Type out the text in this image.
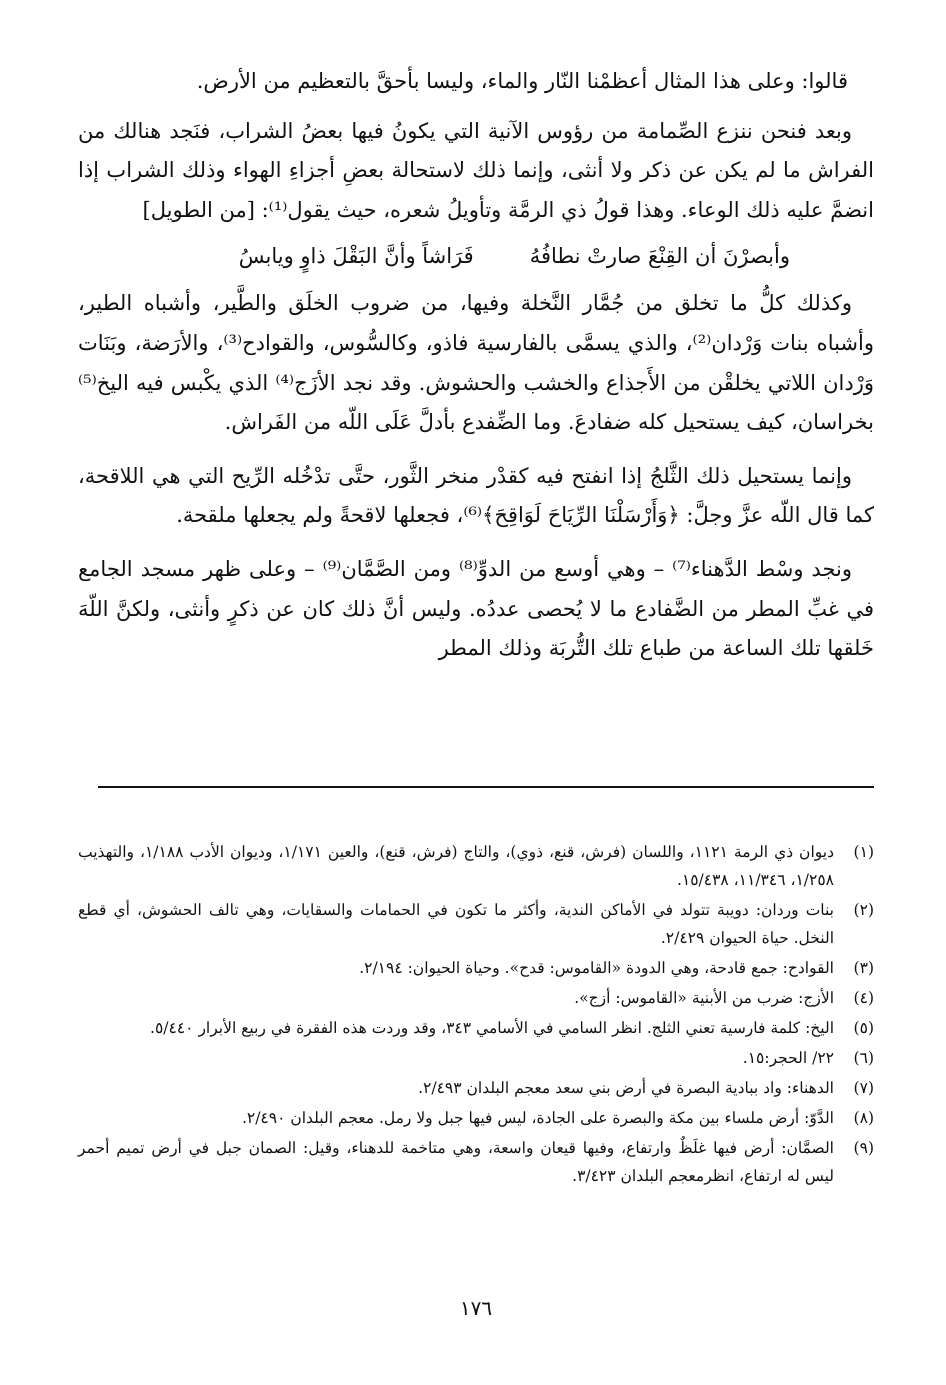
قالوا: وعلى هذا المثال أعظمْنا النّار والماء، وليسا بأحقَّ بالتعظيم من الأرض.

وبعد فنحن ننزع الصِّمامة من رؤوس الآنية التي يكونُ فيها بعضُ الشراب، فنَجد هنالك من الفراش ما لم يكن عن ذكر ولا أنثى، وإنما ذلك لاستحالة بعضِ أجزاءِ الهواء وذلك الشراب إذا انضمَّ عليه ذلك الوعاء. وهذا قولُ ذي الرمَّة وتأويلُ شعره، حيث يقول⁽¹⁾: [من الطويل]

وأبصرْنَ أن القِنْعَ صارتْ نطافُهُ
فَرَاشاً وأنَّ البَقْلَ ذاوٍ ويابسُ

وكذلك كلُّ ما تخلق من جُمَّار النَّخلة وفيها، من ضروب الخلَق والطَّير، وأشباه الطير، وأشباه بنات وَرْدان⁽²⁾، والذي يسمَّى بالفارسية فاذو، وكالسُّوس، والقوادح⁽³⁾، والأرَضة، وبَنَات وَرْدان اللاتي يخلقْن من الأَجذاع والخشب والحشوش. وقد نجد الأزَج⁽⁴⁾ الذي يكْبس فيه اليخ⁽⁵⁾ بخراسان، كيف يستحيل كله ضفادعَ. وما الضِّفدع بأدلَّ عَلَى اللّه من الفَراش.

وإنما يستحيل ذلك الثَّلجُ إذا انفتح فيه كقدْر منخر الثَّور، حتَّى تدْخُله الرِّيح التي هي اللاقحة، كما قال اللّه عزَّ وجلَّ: ﴿وَأَرْسَلْنَا الرِّيَاحَ لَوَاقِحَ﴾⁽⁶⁾، فجعلها لاقحةً ولم يجعلها ملقحة.

ونجد وسْط الدَّهناء⁽⁷⁾ – وهي أوسع من الدوِّ⁽⁸⁾ ومن الصَّمَّان⁽⁹⁾ – وعلى ظهر مسجد الجامع في غبِّ المطر من الضَّفادع ما لا يُحصى عددُه. وليس أنَّ ذلك كان عن ذكرٍ وأنثى، ولكنَّ اللّهَ خَلقها تلك الساعة من طباع تلك التُّربَة وذلك المطر

(١)
ديوان ذي الرمة ١١٢١، واللسان (فرش، قنع، ذوي)، والتاج (فرش، قنع)، والعين ١/١٧١، وديوان الأدب ١/١٨٨، والتهذيب ١/٢٥٨، ١١/٣٤٦، ١٥/٤٣٨.
(٢)
بنات وردان: دويبة تتولد في الأماكن الندية، وأكثر ما تكون في الحمامات والسقايات، وهي تالف الحشوش، أي قطع النخل. حياة الحيوان ٢/٤٢٩.
(٣)
القوادح: جمع قادحة، وهي الدودة «القاموس: قدح». وحياة الحيوان: ٢/١٩٤.
(٤)
الأزج: ضرب من الأبنية «القاموس: أزج».
(٥)
اليخ: كلمة فارسية تعني الثلج. انظر السامي في الأسامي ٣٤٣، وقد وردت هذه الفقرة في ربيع الأبرار ٥/٤٤٠.
(٦)
٢٢/ الحجر:١٥.
(٧)
الدهناء: واد ببادية البصرة في أرض بني سعد معجم البلدان ٢/٤٩٣.
(٨)
الدَّوّ: أرض ملساء بين مكة والبصرة على الجادة، ليس فيها جبل ولا رمل. معجم البلدان ٢/٤٩٠.
(٩)
الصمَّان: أرض فيها غلَظٌ وارتفاع، وفيها قيعان واسعة، وهي متاخمة للدهناء، وقيل: الصمان جبل في أرض تميم أحمر ليس له ارتفاع، انظرمعجم البلدان ٣/٤٢٣.
١٧٦
